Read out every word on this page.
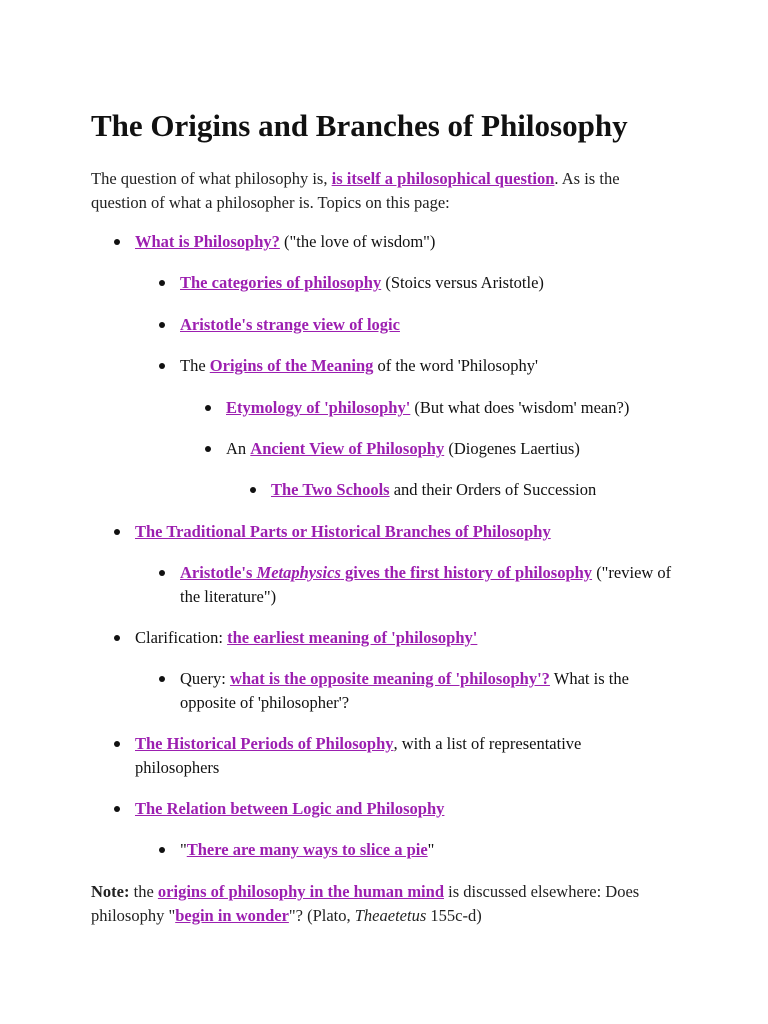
The Origins and Branches of Philosophy
The question of what philosophy is, is itself a philosophical question. As is the question of what a philosopher is. Topics on this page:
What is Philosophy? ("the love of wisdom")
The categories of philosophy (Stoics versus Aristotle)
Aristotle's strange view of logic
The Origins of the Meaning of the word 'Philosophy'
Etymology of 'philosophy' (But what does 'wisdom' mean?)
An Ancient View of Philosophy (Diogenes Laertius)
The Two Schools and their Orders of Succession
The Traditional Parts or Historical Branches of Philosophy
Aristotle's Metaphysics gives the first history of philosophy ("review of the literature")
Clarification: the earliest meaning of 'philosophy'
Query: what is the opposite meaning of 'philosophy'? What is the opposite of 'philosopher'?
The Historical Periods of Philosophy, with a list of representative philosophers
The Relation between Logic and Philosophy
"There are many ways to slice a pie"
Note: the origins of philosophy in the human mind is discussed elsewhere: Does philosophy "begin in wonder"? (Plato, Theaetetus 155c-d)
